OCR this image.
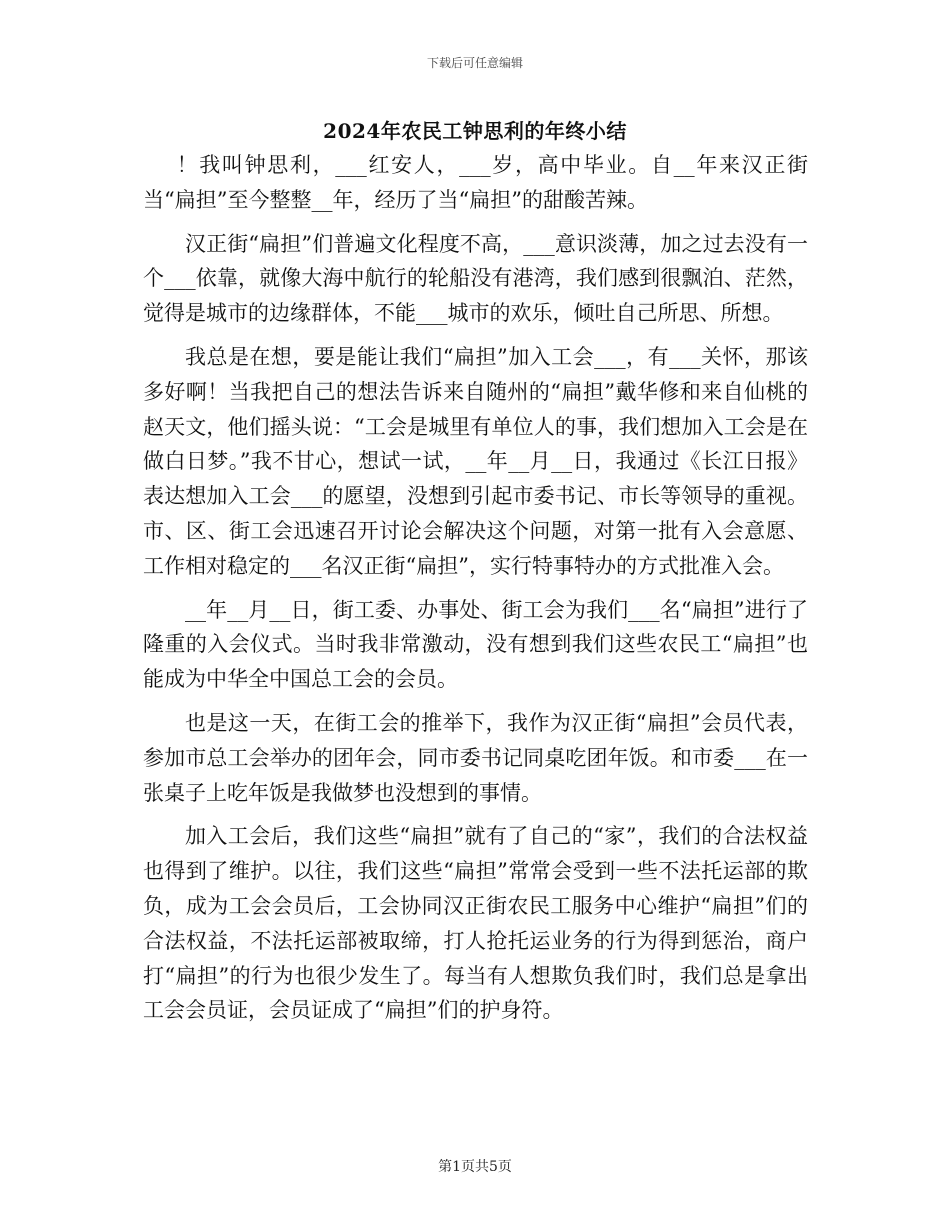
下载后可任意编辑
2024年农民工钟思利的年终小结

！我叫钟思利，___红安人，___岁，高中毕业。自__年来汉正街当“扁担”至今整整__年，经历了当“扁担”的甜酸苦辣。

汉正街“扁担”们普遍文化程度不高，___意识淡薄，加之过去没有一个___依靠，就像大海中航行的轮船没有港湾，我们感到很飘泊、茫然，觉得是城市的边缘群体，不能___城市的欢乐，倾吐自己所思、所想。

我总是在想，要是能让我们“扁担”加入工会___，有___关怀，那该多好啊！当我把自己的想法告诉来自随州的“扁担”戴华修和来自仙桃的赵天文，他们摇头说：“工会是城里有单位人的事，我们想加入工会是在做白日梦。”我不甘心，想试一试，__年__月__日，我通过《长江日报》表达想加入工会___的愿望，没想到引起市委书记、市长等领导的重视。市、区、街工会迅速召开讨论会解决这个问题，对第一批有入会意愿、工作相对稳定的___名汉正街“扁担”，实行特事特办的方式批准入会。

__年__月__日，街工委、办事处、街工会为我们___名“扁担”进行了隆重的入会仪式。当时我非常激动，没有想到我们这些农民工“扁担”也能成为中华全中国总工会的会员。

也是这一天，在街工会的推举下，我作为汉正街“扁担”会员代表，参加市总工会举办的团年会，同市委书记同桌吃团年饭。和市委___在一张桌子上吃年饭是我做梦也没想到的事情。

加入工会后，我们这些“扁担”就有了自己的“家”，我们的合法权益也得到了维护。以往，我们这些“扁担”常常会受到一些不法托运部的欺负，成为工会会员后，工会协同汉正街农民工服务中心维护“扁担”们的合法权益，不法托运部被取缔，打人抢托运业务的行为得到惩治，商户打“扁担”的行为也很少发生了。每当有人想欺负我们时，我们总是拿出工会会员证，会员证成了“扁担”们的护身符。

第1页共5页
